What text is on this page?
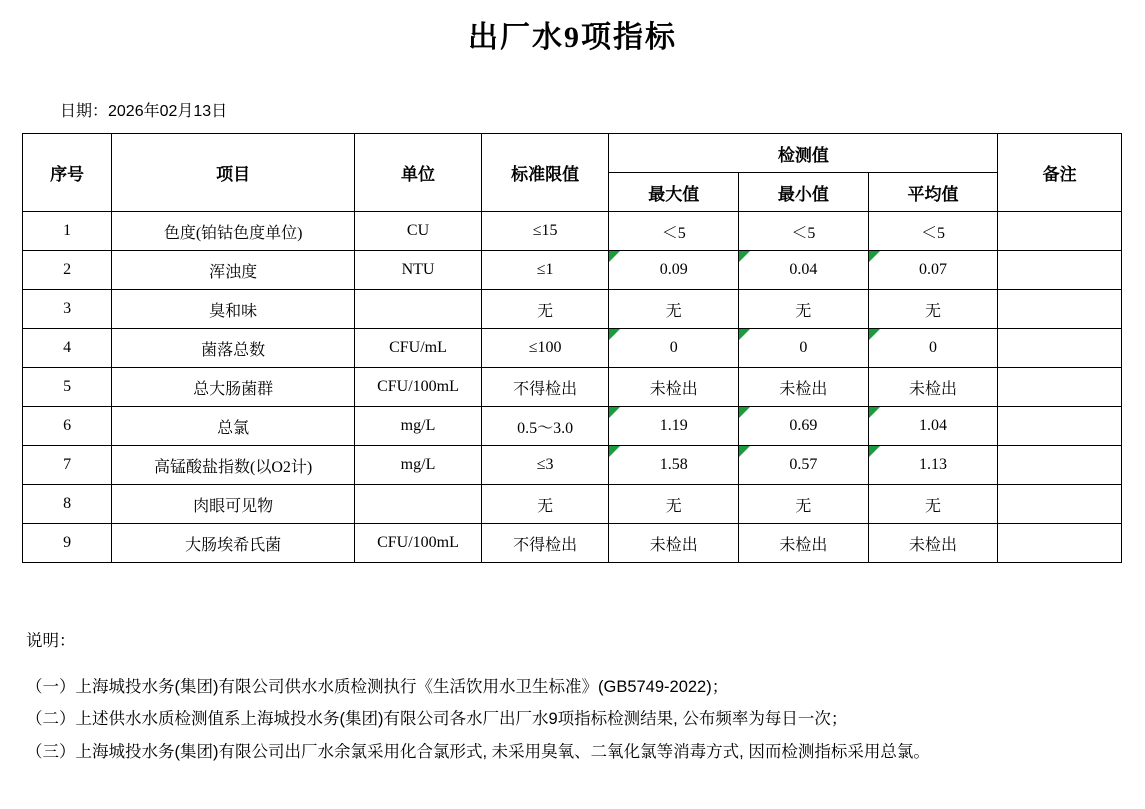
出厂水9项指标
日期：2026年02月13日
序号	项目	单位	标准限值	检测值			备注
				最大值	最小值	平均值	
1	色度(铂钴色度单位)	CU	≤15	＜5	＜5	＜5	
2	浑浊度	NTU	≤1	0.09	0.04	0.07	
3	臭和味		无	无	无	无	
4	菌落总数	CFU/mL	≤100	0	0	0	
5	总大肠菌群	CFU/100mL	不得检出	未检出	未检出	未检出	
6	总氯	mg/L	0.5～3.0	1.19	0.69	1.04	
7	高锰酸盐指数(以O2计)	mg/L	≤3	1.58	0.57	1.13	
8	肉眼可见物		无	无	无	无	
9	大肠埃希氏菌	CFU/100mL	不得检出	未检出	未检出	未检出	

说明：

（一）上海城投水务(集团)有限公司供水水质检测执行《生活饮用水卫生标准》(GB5749-2022)；

（二）上述供水水质检测值系上海城投水务(集团)有限公司各水厂出厂水9项指标检测结果, 公布频率为每日一次；

（三）上海城投水务(集团)有限公司出厂水余氯采用化合氯形式, 未采用臭氧、二氧化氯等消毒方式, 因而检测指标采用总氯。
